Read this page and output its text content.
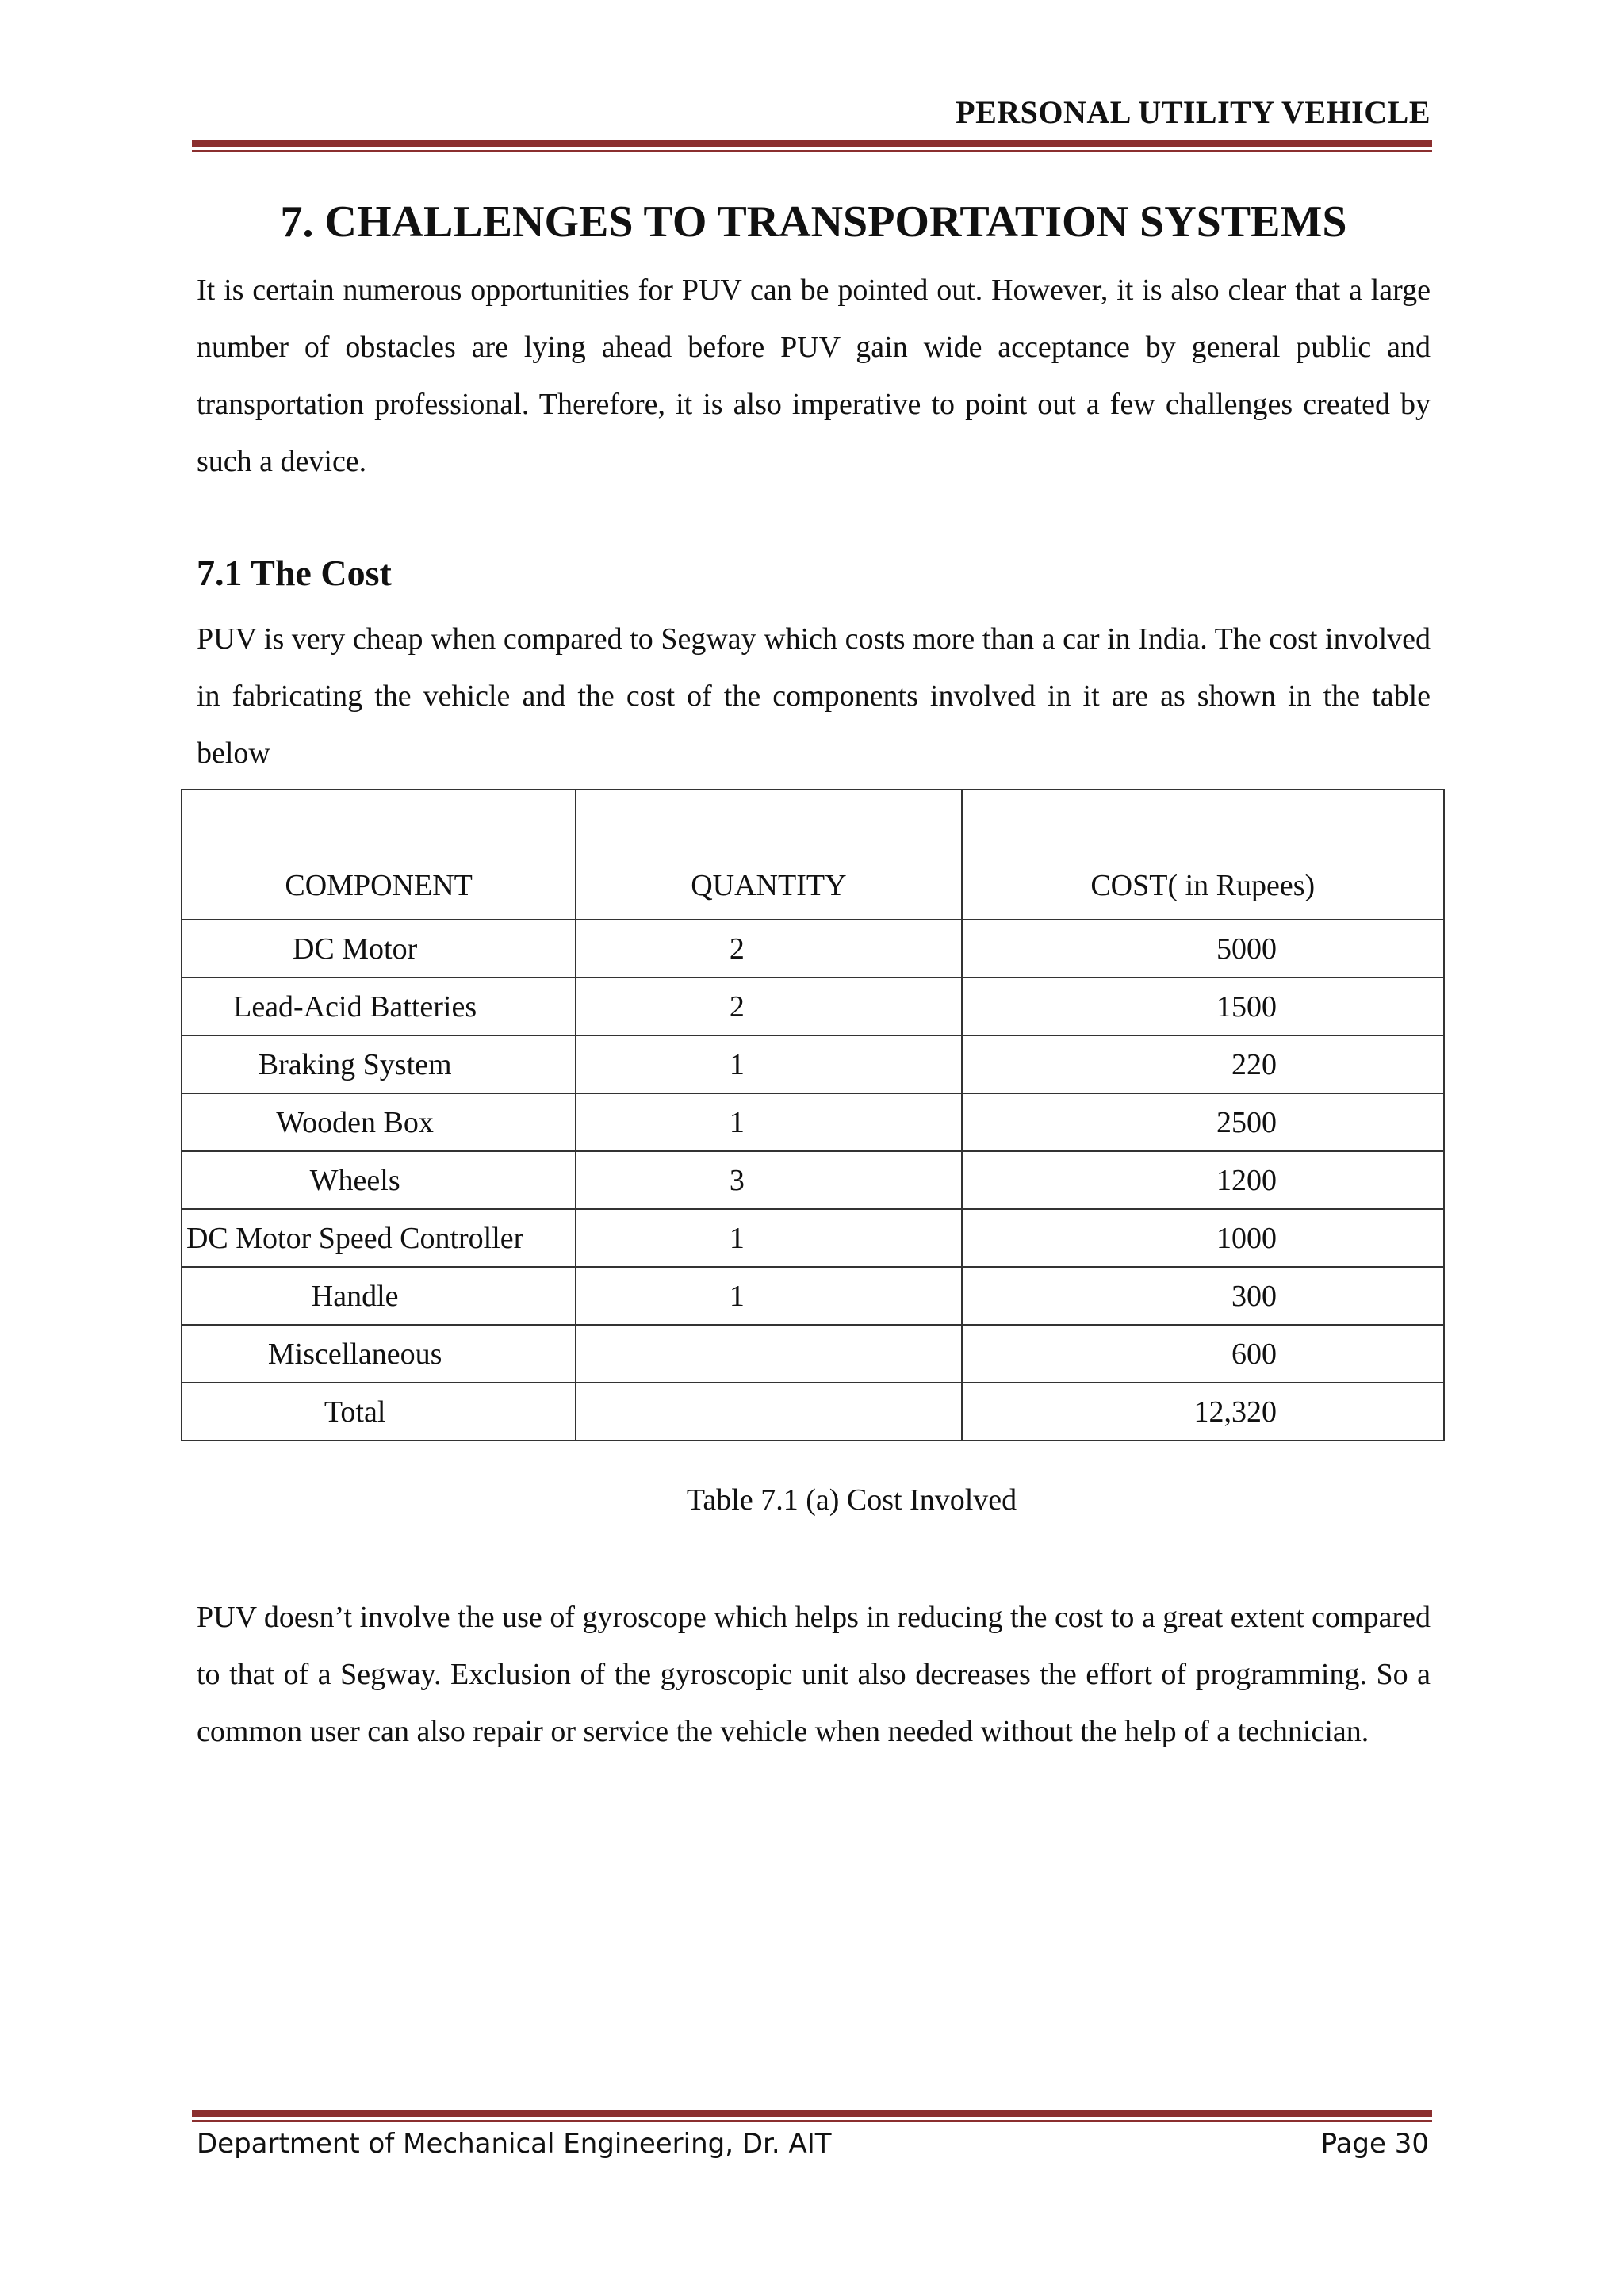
PERSONAL UTILITY VEHICLE
7. CHALLENGES TO TRANSPORTATION SYSTEMS

It is certain numerous opportunities for PUV can be pointed out. However, it is also clear that a large number of obstacles are lying ahead before PUV gain wide acceptance by general public and transportation professional. Therefore, it is also imperative to point out a few challenges created by such a device.

7.1 The Cost

PUV is very cheap when compared to Segway which costs more than a car in India. The cost involved in fabricating the vehicle and the cost of the components involved in it are as shown in the table below

COMPONENT	QUANTITY	COST( in Rupees)
DC Motor	2	5000
Lead-Acid Batteries	2	1500
Braking System	1	220
Wooden Box	1	2500
Wheels	3	1200
DC Motor Speed Controller	1	1000
Handle	1	300
Miscellaneous		600
Total		12,320
Table 7.1 (a) Cost Involved

PUV doesn’t involve the use of gyroscope which helps in reducing the cost to a great extent compared to that of a Segway. Exclusion of the gyroscopic unit also decreases the effort of programming. So a common user can also repair or service the vehicle when needed without the help of a technician.

Department of Mechanical Engineering, Dr. AIT	Page 30
